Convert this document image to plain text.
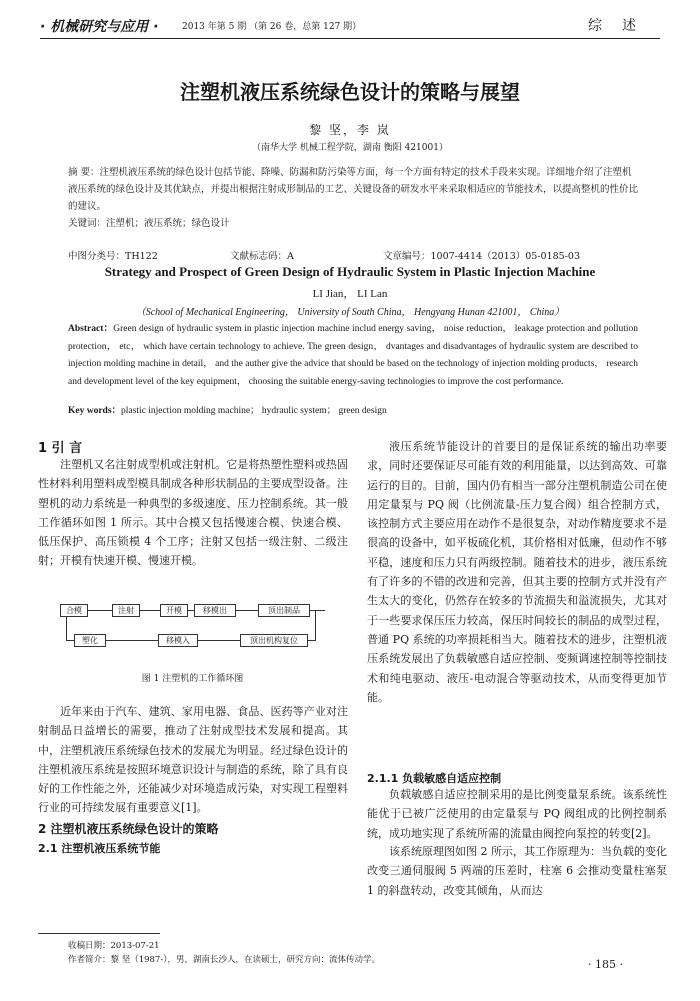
· 机械研究与应用 ·	2013 年第 5 期 （第 26 卷，总第 127 期）	综述
注塑机液压系统绿色设计的策略与展望
黎 坚，李 岚
（南华大学 机械工程学院，湖南 衡阳 421001）
摘 要：注塑机液压系统的绿色设计包括节能、降噪、防漏和防污染等方面，每一个方面有特定的技术手段来实现。详细地介绍了注塑机液压系统的绿色设计及其优缺点，并提出根据注射成形制品的工艺、关键设备的研发水平来采取相适应的节能技术，以提高整机的性价比的建议。
关键词：注塑机；液压系统；绿色设计
中图分类号：TH122	文献标志码：A	文章编号：1007-4414（2013）05-0185-03
Strategy and Prospect of Green Design of Hydraulic System in Plastic Injection Machine
LI Jian， LI Lan
（School of Mechanical Engineering， University of South China， Hengyang Hunan 421001， China）
Abstract：Green design of hydraulic system in plastic injection machine includ energy saving， noise reduction， leakage protection and pollution protection， etc， which have certain technology to achieve. The green design， dvantages and disadvantages of hydraulic system are described to injection molding machine in detail， and the auther give the advice that should be based on the technology of injection molding products， research and development level of the key equipment， choosing the suitable energy-saving technologies to improve the cost performance.
Key words：plastic injection molding machine； hydraulic system； green design
1 引 言
注塑机又名注射成型机或注射机。它是将热塑性塑料或热固性材料利用塑料成型模具制成各种形状制品的主要成型设备。注塑机的动力系统是一种典型的多级速度、压力控制系统。其一般工作循环如图 1 所示。其中合模又包括慢速合模、快速合模、低压保护、高压锁模 4 个工序；注射又包括一级注射、二级注射；开模有快速开模、慢速开模。
合模	注射	开模	移模出	顶出制品
塑化	移模入	顶出机构复位
图 1 注塑机的工作循环图
近年来由于汽车、建筑、家用电器、食品、医药等产业对注射制品日益增长的需要，推动了注射成型技术发展和提高。其中，注塑机液压系统绿色技术的发展尤为明显。经过绿色设计的注塑机液压系统是按照环境意识设计与制造的系统，除了具有良好的工作性能之外，还能减少对环境造成污染，对实现工程塑料行业的可持续发展有重要意义[1]。
2 注塑机液压系统绿色设计的策略
2.1 注塑机液压系统节能
液压系统节能设计的首要目的是保证系统的输出功率要求，同时还要保证尽可能有效的利用能量，以达到高效、可靠运行的目的。目前，国内仍有相当一部分注塑机制造公司在使用定量泵与 PQ 阀（比例流量-压力复合阀）组合控制方式，该控制方式主要应用在动作不是很复杂，对动作精度要求不是很高的设备中，如平板硫化机，其价格相对低廉，但动作不够平稳，速度和压力只有两级控制。随着技术的进步，液压系统有了许多的不错的改进和完善，但其主要的控制方式并没有产生太大的变化，仍然存在较多的节流损失和溢流损失，尤其对于一些要求保压压力较高，保压时间较长的制品的成型过程，普通 PQ 系统的功率损耗相当大。随着技术的进步，注塑机液压系统发展出了负载敏感自适应控制、变频调速控制等控制技术和纯电驱动、液压-电动混合等驱动技术，从而变得更加节能。
2.1.1 负载敏感自适应控制
负载敏感自适应控制采用的是比例变量泵系统。该系统性能优于已被广泛使用的由定量泵与 PQ 阀组成的比例控制系统，成功地实现了系统所需的流量由阀控向泵控的转变[2]。
该系统原理图如图 2 所示，其工作原理为：当负载的变化改变三通伺服阀 5 两端的压差时，柱塞 6 会推动变量柱塞泵 1 的斜盘转动，改变其倾角，从而达
收稿日期：2013-07-21
作者简介：黎 坚（1987-），男，湖南长沙人，在读硕士，研究方向：流体传动学。	· 185 ·
